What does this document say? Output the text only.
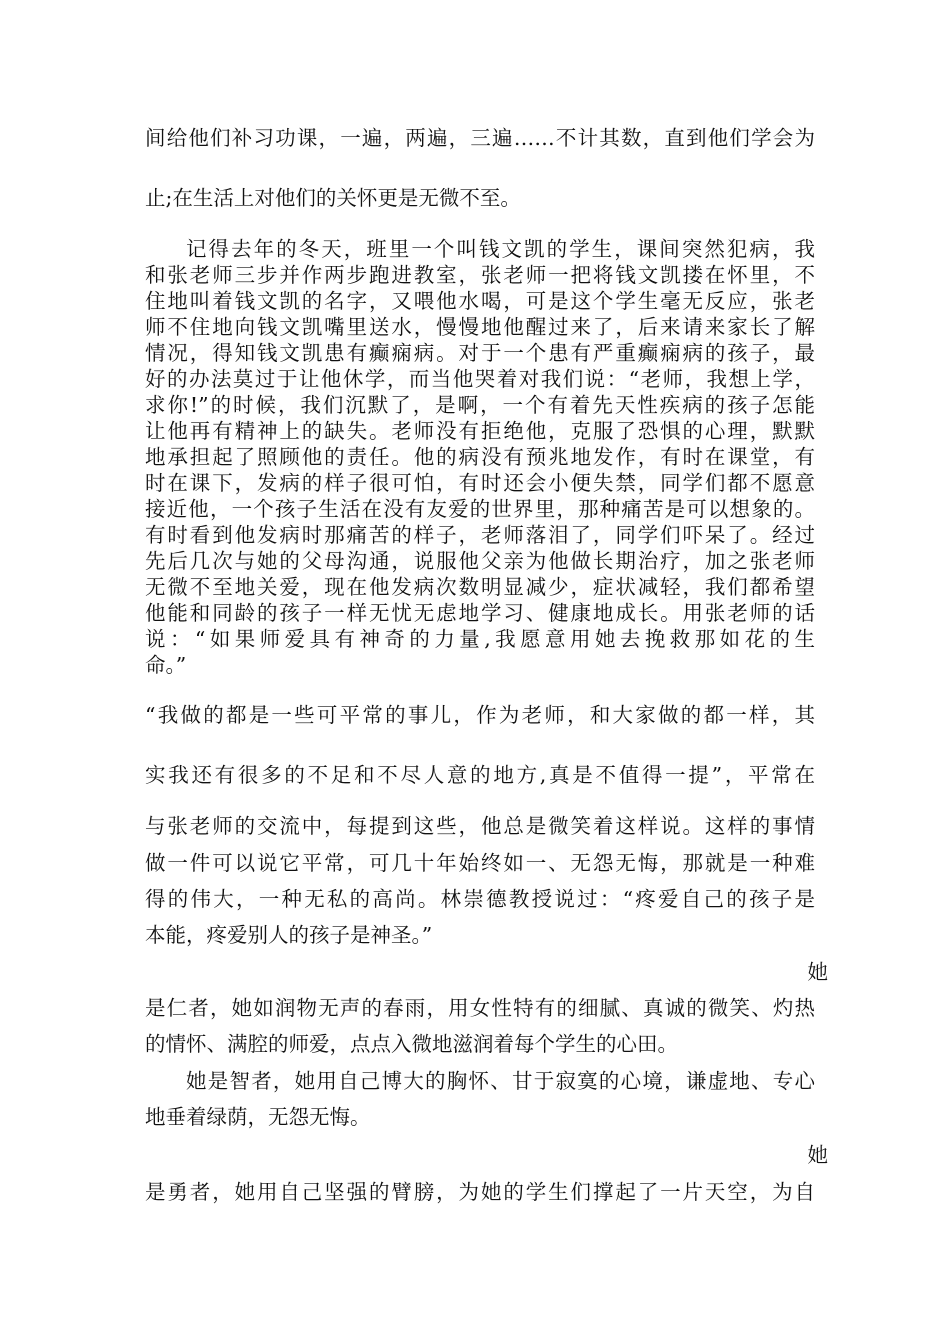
间给他们补习功课，一遍，两遍，三遍……不计其数，直到他们学会为
止;在生活上对他们的关怀更是无微不至。
记得去年的冬天，班里一个叫钱文凯的学生，课间突然犯病，我
和张老师三步并作两步跑进教室，张老师一把将钱文凯搂在怀里，不
住地叫着钱文凯的名字，又喂他水喝，可是这个学生毫无反应，张老
师不住地向钱文凯嘴里送水，慢慢地他醒过来了，后来请来家长了解
情况，得知钱文凯患有癫痫病。对于一个患有严重癫痫病的孩子，最
好的办法莫过于让他休学，而当他哭着对我们说：“老师，我想上学，
求你!”的时候，我们沉默了，是啊，一个有着先天性疾病的孩子怎能
让他再有精神上的缺失。老师没有拒绝他，克服了恐惧的心理，默默
地承担起了照顾他的责任。他的病没有预兆地发作，有时在课堂，有
时在课下，发病的样子很可怕，有时还会小便失禁，同学们都不愿意
接近他，一个孩子生活在没有友爱的世界里，那种痛苦是可以想象的。
有时看到他发病时那痛苦的样子，老师落泪了，同学们吓呆了。经过
先后几次与她的父母沟通，说服他父亲为他做长期治疗，加之张老师
无微不至地关爱，现在他发病次数明显减少，症状减轻，我们都希望
他能和同龄的孩子一样无忧无虑地学习、健康地成长。用张老师的话
说：“如果师爱具有神奇的力量,我愿意用她去挽救那如花的生
命。”
“我做的都是一些可平常的事儿，作为老师，和大家做的都一样，其
实我还有很多的不足和不尽人意的地方,真是不值得一提”，平常在
与张老师的交流中，每提到这些，他总是微笑着这样说。这样的事情
做一件可以说它平常，可几十年始终如一、无怨无悔，那就是一种难
得的伟大，一种无私的高尚。林崇德教授说过：“疼爱自己的孩子是
本能，疼爱别人的孩子是神圣。”
她
是仁者，她如润物无声的春雨，用女性特有的细腻、真诚的微笑、灼热
的情怀、满腔的师爱，点点入微地滋润着每个学生的心田。
她是智者，她用自己博大的胸怀、甘于寂寞的心境，谦虚地、专心
地垂着绿荫，无怨无悔。
她
是勇者，她用自己坚强的臂膀，为她的学生们撑起了一片天空，为自
